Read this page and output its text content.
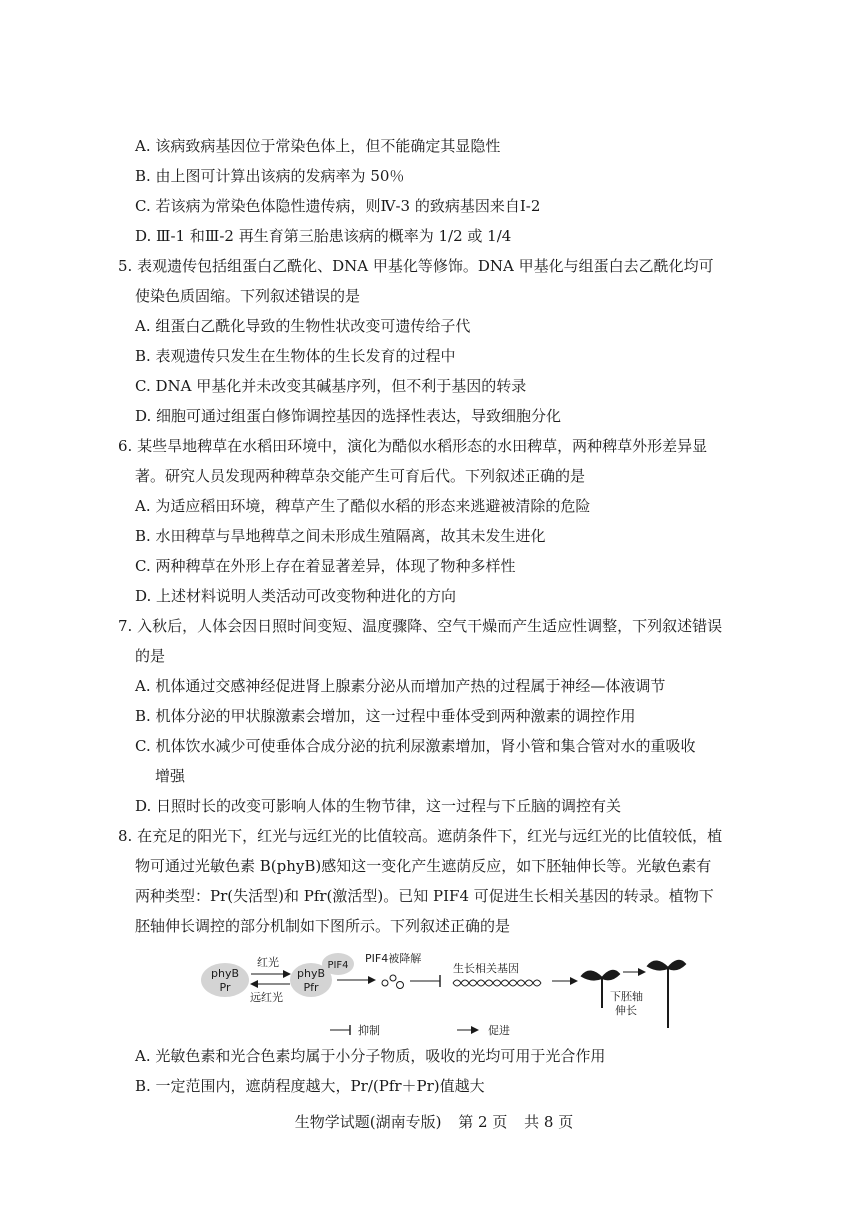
A. 该病致病基因位于常染色体上，但不能确定其显隐性
B. 由上图可计算出该病的发病率为 50％
C. 若该病为常染色体隐性遗传病，则Ⅳ-3 的致病基因来自Ⅰ-2
D. Ⅲ-1 和Ⅲ-2 再生育第三胎患该病的概率为 1/2 或 1/4
5. 表观遗传包括组蛋白乙酰化、DNA 甲基化等修饰。DNA 甲基化与组蛋白去乙酰化均可
使染色质固缩。下列叙述错误的是
A. 组蛋白乙酰化导致的生物性状改变可遗传给子代
B. 表观遗传只发生在生物体的生长发育的过程中
C. DNA 甲基化并未改变其碱基序列，但不利于基因的转录
D. 细胞可通过组蛋白修饰调控基因的选择性表达，导致细胞分化
6. 某些旱地稗草在水稻田环境中，演化为酷似水稻形态的水田稗草，两种稗草外形差异显
著。研究人员发现两种稗草杂交能产生可育后代。下列叙述正确的是
A. 为适应稻田环境，稗草产生了酷似水稻的形态来逃避被清除的危险
B. 水田稗草与旱地稗草之间未形成生殖隔离，故其未发生进化
C. 两种稗草在外形上存在着显著差异，体现了物种多样性
D. 上述材料说明人类活动可改变物种进化的方向
7. 入秋后，人体会因日照时间变短、温度骤降、空气干燥而产生适应性调整，下列叙述错误
的是
A. 机体通过交感神经促进肾上腺素分泌从而增加产热的过程属于神经—体液调节
B. 机体分泌的甲状腺激素会增加，这一过程中垂体受到两种激素的调控作用
C. 机体饮水减少可使垂体合成分泌的抗利尿激素增加，肾小管和集合管对水的重吸收
增强
D. 日照时长的改变可影响人体的生物节律，这一过程与下丘脑的调控有关
8. 在充足的阳光下，红光与远红光的比值较高。遮荫条件下，红光与远红光的比值较低，植
物可通过光敏色素 B(phyB)感知这一变化产生遮荫反应，如下胚轴伸长等。光敏色素有
两种类型：Pr(失活型)和 Pfr(激活型)。已知 PIF4 可促进生长相关基因的转录。植物下
胚轴伸长调控的部分机制如下图所示。下列叙述正确的是
phyB
Pr
红光
远红光
phyB
Pfr
PIF4
PIF4被降解
生长相关基因
下胚轴
伸长
抑制	促进
A. 光敏色素和光合色素均属于小分子物质，吸收的光均可用于光合作用
B. 一定范围内，遮荫程度越大，Pr/(Pfr＋Pr)值越大
生物学试题(湖南专版) 第 2 页 共 8 页
